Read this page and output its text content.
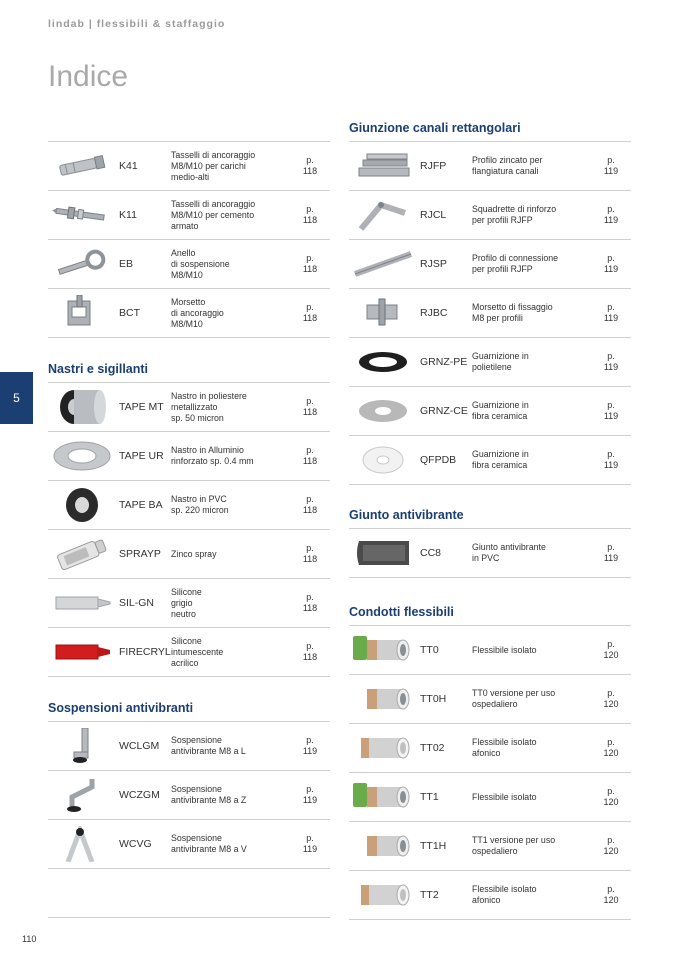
lindab | flessibili & staffaggio
Indice
5
110
K41
Tasselli di ancoraggio
M8/M10 per carichi
medio-alti
p.
118
K11
Tasselli di ancoraggio
M8/M10 per cemento
armato
p.
118
EB
Anello
di sospensione
M8/M10
p.
118
BCT
Morsetto
di ancoraggio
M8/M10
p.
118
Nastri e sigillanti
TAPE MT
Nastro in poliestere
metallizzato
sp. 50 micron
p.
118
TAPE UR Nastro in Alluminio
rinforzato sp. 0.4 mm
p.
118
TAPE BA Nastro in PVC
sp. 220 micron
p.
118
SPRAYP Zinco spray
p.
118
SIL-GN
Silicone
grigio
neutro
p.
118
FIRECRYL
Silicone
intumescente
acrilico
p.
118
Sospensioni antivibranti
WCLGM Sospensione
antivibrante M8 a L
p.
119
WCZGM Sospensione
antivibrante M8 a Z
p.
119
WCVG Sospensione
antivibrante M8 a V
p.
119
Giunzione canali rettangolari
RJFP	Profilo zincato per
flangiatura canali
p.
119
RJCL	Squadrette di rinforzo
per profili RJFP
p.
119
RJSP	Profilo di connessione
per profili RJFP
p.
119
RJBC	Morsetto di fissaggio
M8 per profili
p.
119
GRNZ-PE Guarnizione in
polietilene
p.
119
GRNZ-CE Guarnizione in
fibra ceramica
p.
119
QFPDB Guarnizione in
fibra ceramica
p.
119
Giunto antivibrante
CC8	Giunto antivibrante
in PVC
p.
119
Condotti flessibili
TT0	Flessibile isolato
p.
120
TT0H	TT0 versione per uso
ospedaliero
p.
120
TT02	Flessibile isolato
afonico
p.
120
TT1	Flessibile isolato
p.
120
TT1H	TT1 versione per uso
ospedaliero
p.
120
TT2	Flessibile isolato
afonico
p.
120
